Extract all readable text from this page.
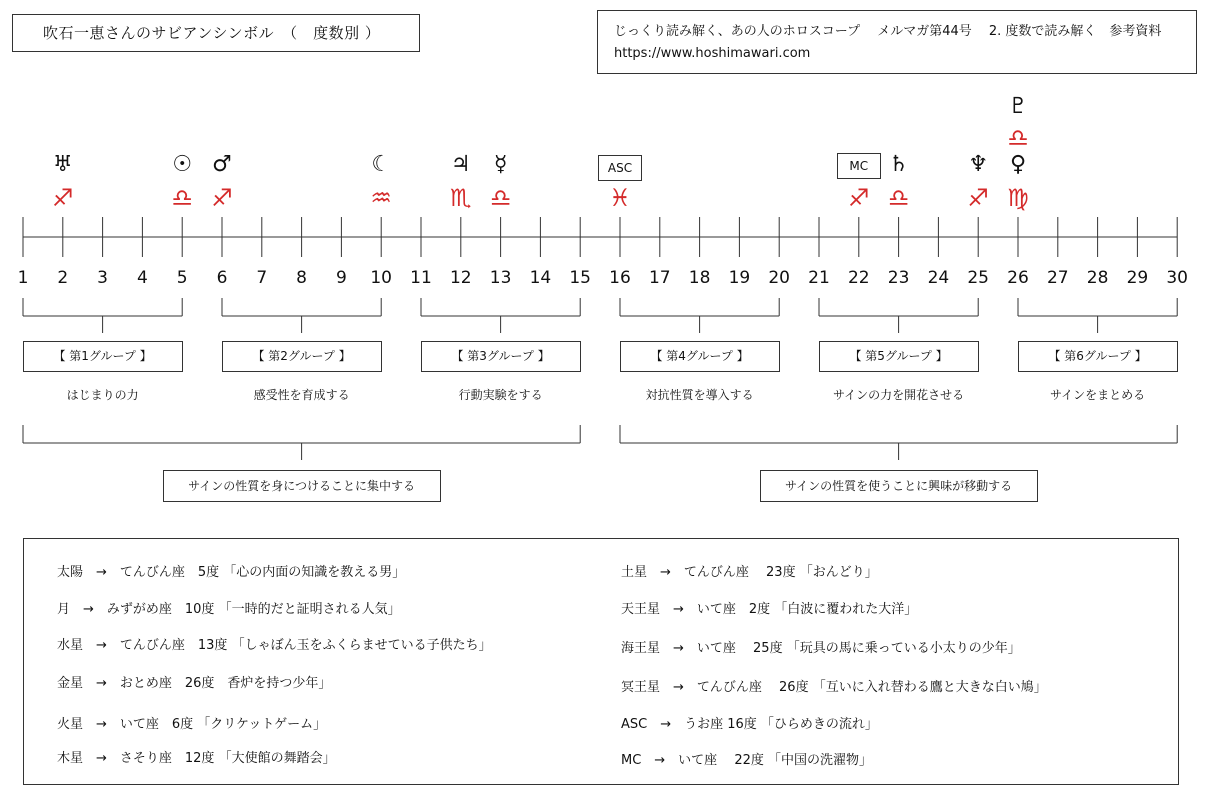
吹石一恵さんのサビアンシンボル　（　度数別 ）	じっくり読み解く、あの人のホロスコープ　 メルマガ第44号　 2. 度数で読み解く　参考資料
https://www.hoshimawari.com
1	2	3	4	5	6	7	8	9	10 11 12 13 14 15 16 17 18 19 20 21 22 23 24 25 26 27 28 29 30
♅
♐
☉
♎
♂
♐
☾
♒
♃
♏
☿
♎
ASC
♓
MC
♐
♄
♎
♆
♐
♀
♍
♇
♎
【 第1グループ 】
はじまりの力
【 第2グループ 】
感受性を育成する
【 第3グループ 】
行動実験をする
【 第4グループ 】
対抗性質を導入する
【 第5グループ 】
サインの力を開花させる
【 第6グループ 】
サインをまとめる
サインの性質を身につけることに集中する	サインの性質を使うことに興味が移動する
太陽　→　てんびん座　5度 「心の内面の知識を教える男」
月　→　みずがめ座　10度 「一時的だと証明される人気」
水星　→　てんびん座　13度 「しゃぼん玉をふくらませている子供たち」
金星　→　おとめ座　26度　香炉を持つ少年」
火星　→　いて座　6度 「クリケットゲーム」
木星　→　さそり座　12度 「大使館の舞踏会」
土星　→　てんびん座　 23度 「おんどり」
天王星　→　いて座　2度 「白波に覆われた大洋」
海王星　→　いて座　 25度 「玩具の馬に乗っている小太りの少年」
冥王星　→　てんびん座　 26度 「互いに入れ替わる鷹と大きな白い鳩」
ASC　→　うお座 16度 「ひらめきの流れ」
MC　→　いて座　 22度 「中国の洗濯物」
